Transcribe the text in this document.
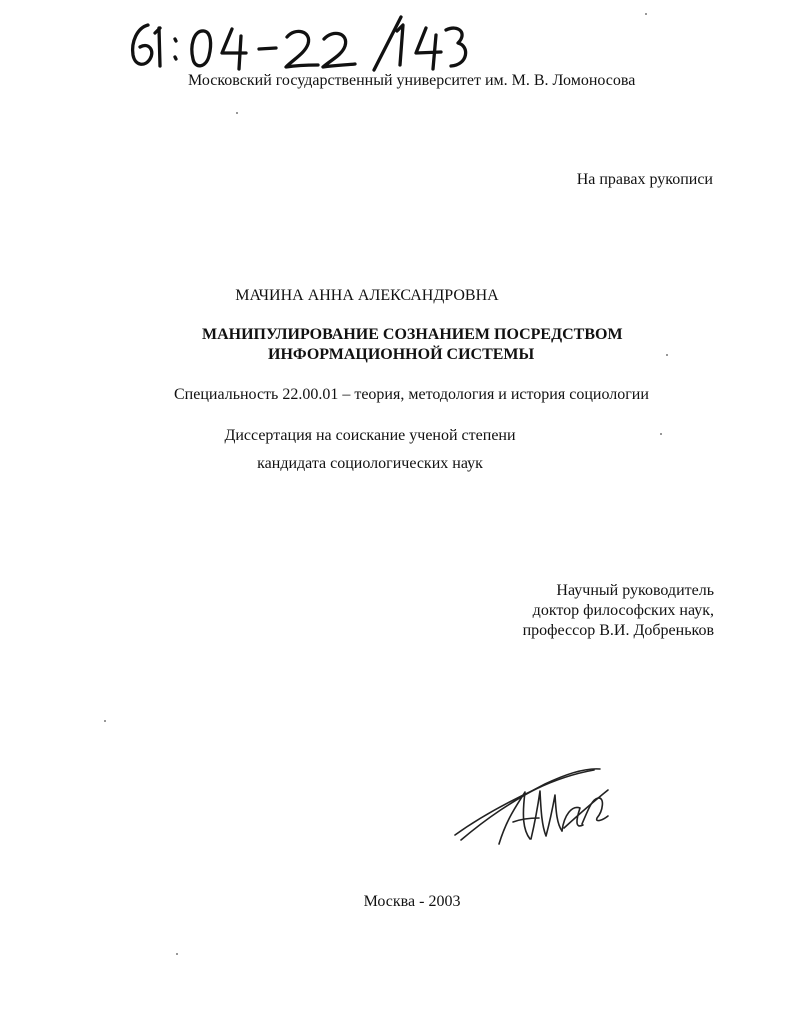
Московский государственный университет им. М. В. Ломоносова
На правах рукописи
МАЧИНА АННА АЛЕКСАНДРОВНА
МАНИПУЛИРОВАНИЕ СОЗНАНИЕМ ПОСРЕДСТВОМ
ИНФОРМАЦИОННОЙ СИСТЕМЫ
Специальность 22.00.01 – теория, методология и история социологии
Диссертация на соискание ученой степени
кандидата социологических наук
Научный руководитель
доктор философских наук,
профессор В.И. Добреньков
Москва - 2003
